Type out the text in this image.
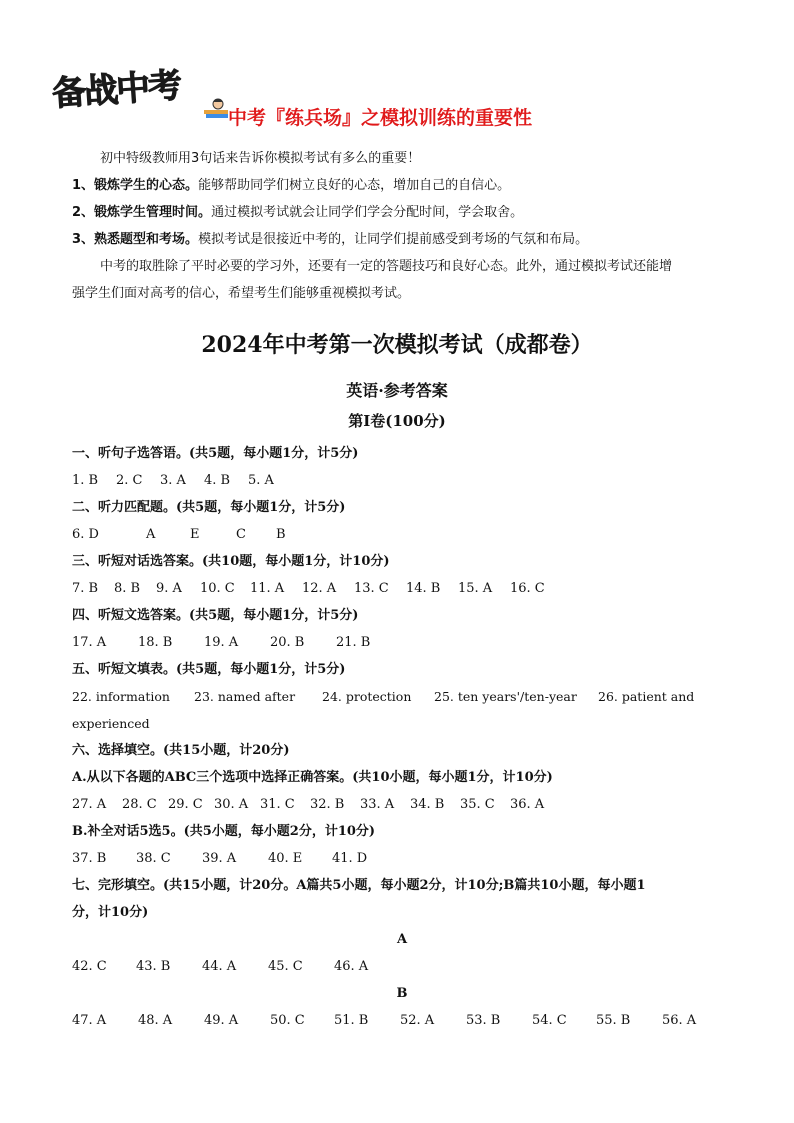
备战中考
中考『练兵场』之模拟训练的重要性

初中特级教师用3句话来告诉你模拟考试有多么的重要！

1、锻炼学生的心态。能够帮助同学们树立良好的心态，增加自己的自信心。

2、锻炼学生管理时间。通过模拟考试就会让同学们学会分配时间，学会取舍。

3、熟悉题型和考场。模拟考试是很接近中考的，让同学们提前感受到考场的气氛和布局。

中考的取胜除了平时必要的学习外，还要有一定的答题技巧和良好心态。此外，通过模拟考试还能增

强学生们面对高考的信心，希望考生们能够重视模拟考试。

2024年中考第一次模拟考试（成都卷）
英语·参考答案
第Ⅰ卷(100分)
一、听句子选答语。(共5题，每小题1分，计5分)
1. B 2. C 3. A 4. B 5. A
二、听力匹配题。(共5题，每小题1分，计5分)
6. D	A	E	C B
三、听短对话选答案。(共10题，每小题1分，计10分)
7. B 8. B 9. A 10. C 11. A 12. A 13. C 14. B 15. A 16. C
四、听短文选答案。(共5题，每小题1分，计5分)
17. A 18. B 19. A 20. B 21. B
五、听短文填表。(共5题，每小题1分，计5分)
22. information 23. named after 24. protection 25. ten years'/ten-year 26. patient and
experienced
六、选择填空。(共15小题，计20分)
A.从以下各题的ABC三个选项中选择正确答案。(共10小题，每小题1分，计10分)
27. A 28. C 29. C 30. A 31. C 32. B 33. A 34. B 35. C 36. A
B.补全对话5选5。(共5小题，每小题2分，计10分)
37. B 38. C 39. A 40. E 41. D
七、完形填空。(共15小题，计20分。A篇共5小题，每小题2分，计10分;B篇共10小题，每小题1
分，计10分)
A
42. C 43. B 44. A 45. C 46. A
B
47. A 48. A 49. A 50. C 51. B 52. A 53. B 54. C 55. B 56. A
